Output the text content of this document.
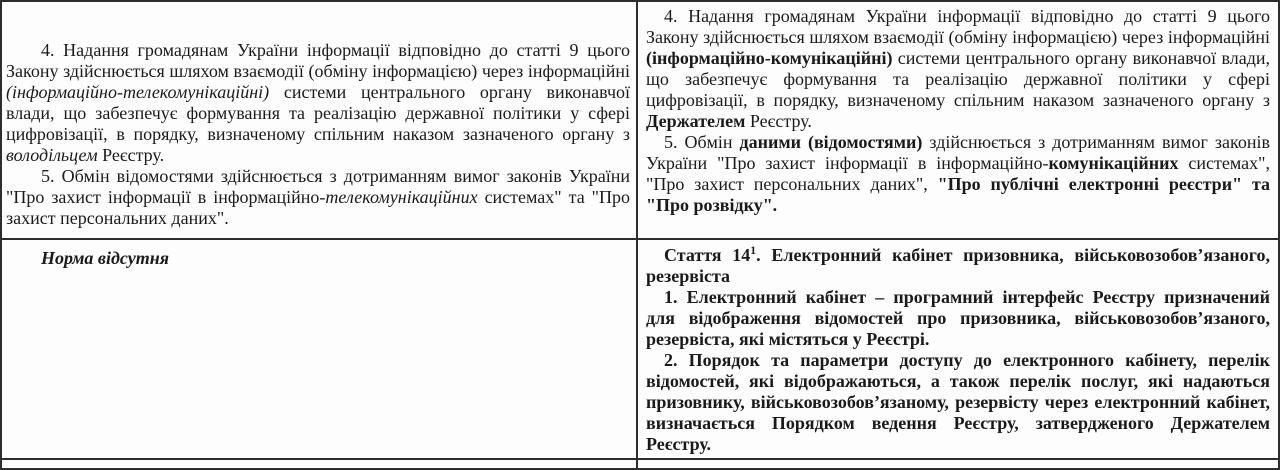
4. Надання громадянам України інформації відповідно до статті 9 цього Закону здійснюється шляхом взаємодії (обміну інформацією) через інформаційні (інформаційно-телекомунікаційні) системи центрального органу виконавчої влади, що забезпечує формування та реалізацію державної політики у сфері цифровізації, в порядку, визначеному спільним наказом зазначеного органу з володільцем Реєстру.

5. Обмін відомостями здійснюється з дотриманням вимог законів України "Про захист інформації в інформаційно-телекомунікаційних системах" та "Про захист персональних даних".

4. Надання громадянам України інформації відповідно до статті 9 цього Закону здійснюється шляхом взаємодії (обміну інформацією) через інформаційні (інформаційно-комунікаційні) системи центрального органу виконавчої влади, що забезпечує формування та реалізацію державної політики у сфері цифровізації, в порядку, визначеному спільним наказом зазначеного органу з Держателем Реєстру.

5. Обмін даними (відомостями) здійснюється з дотриманням вимог законів України "Про захист інформації в інформаційно-комунікаційних системах", "Про захист персональних даних", "Про публічні електронні реєстри" та "Про розвідку".

Норма відсутня	Стаття $14^1$. Електронний кабінет призовника, військовозобов’язаного, резервіста

1. Електронний кабінет – програмний інтерфейс Реєстру призначений для відображення відомостей про призовника, військовозобов’язаного, резервіста, які містяться у Реєстрі.

2. Порядок та параметри доступу до електронного кабінету, перелік відомостей, які відображаються, а також перелік послуг, які надаються призовнику, військовозобов’язаному, резервісту через електронний кабінет, визначається Порядком ведення Реєстру, затвердженого Держателем Реєстру.
